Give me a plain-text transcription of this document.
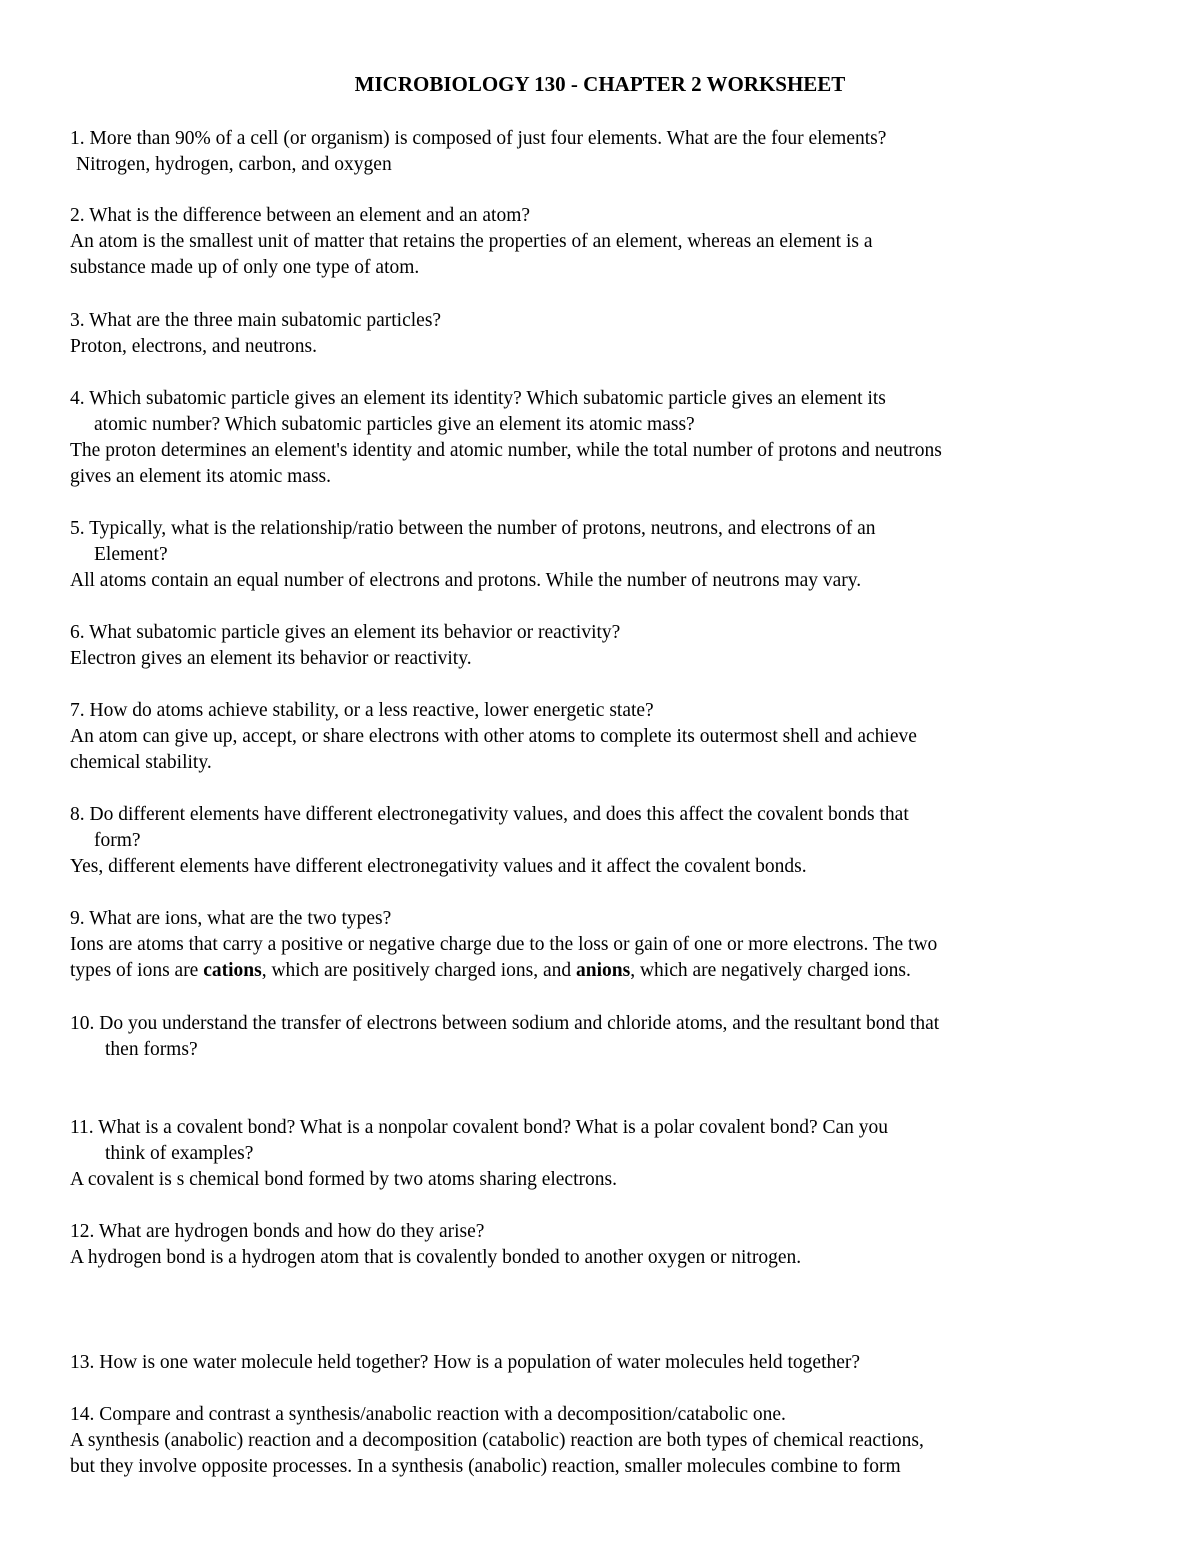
MICROBIOLOGY 130 - CHAPTER 2 WORKSHEET

1. More than 90% of a cell (or organism) is composed of just four elements. What are the four elements?

Nitrogen, hydrogen, carbon, and oxygen

2. What is the difference between an element and an atom?

An atom is the smallest unit of matter that retains the properties of an element, whereas an element is a

substance made up of only one type of atom.

3. What are the three main subatomic particles?

Proton, electrons, and neutrons.

4. Which subatomic particle gives an element its identity? Which subatomic particle gives an element its

atomic number? Which subatomic particles give an element its atomic mass?

The proton determines an element's identity and atomic number, while the total number of protons and neutrons

gives an element its atomic mass.

5. Typically, what is the relationship/ratio between the number of protons, neutrons, and electrons of an

Element?

All atoms contain an equal number of electrons and protons. While the number of neutrons may vary.

6. What subatomic particle gives an element its behavior or reactivity?

Electron gives an element its behavior or reactivity.

7. How do atoms achieve stability, or a less reactive, lower energetic state?

An atom can give up, accept, or share electrons with other atoms to complete its outermost shell and achieve

chemical stability.

8. Do different elements have different electronegativity values, and does this affect the covalent bonds that

form?

Yes, different elements have different electronegativity values and it affect the covalent bonds.

9. What are ions, what are the two types?

Ions are atoms that carry a positive or negative charge due to the loss or gain of one or more electrons. The two

types of ions are cations, which are positively charged ions, and anions, which are negatively charged ions.

10. Do you understand the transfer of electrons between sodium and chloride atoms, and the resultant bond that

then forms?

11. What is a covalent bond? What is a nonpolar covalent bond? What is a polar covalent bond? Can you

think of examples?

A covalent is s chemical bond formed by two atoms sharing electrons.

12. What are hydrogen bonds and how do they arise?

A hydrogen bond is a hydrogen atom that is covalently bonded to another oxygen or nitrogen.

13. How is one water molecule held together? How is a population of water molecules held together?

14. Compare and contrast a synthesis/anabolic reaction with a decomposition/catabolic one.

A synthesis (anabolic) reaction and a decomposition (catabolic) reaction are both types of chemical reactions,

but they involve opposite processes. In a synthesis (anabolic) reaction, smaller molecules combine to form
